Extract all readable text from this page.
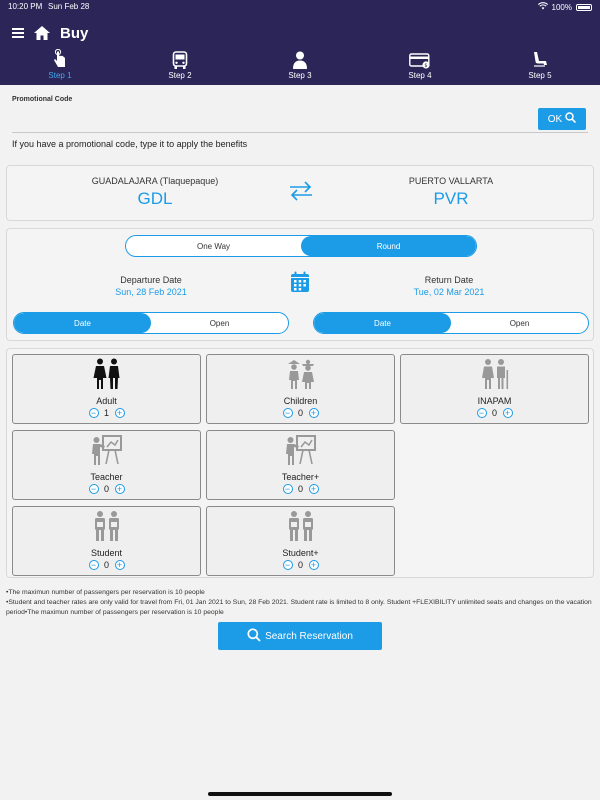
10:20 PM Sun Feb 28	100%
Buy
Step 1	Step 2	Step 3
$
Step 4	Step 5
Promotional Code
OK
If you have a promotional code, type it to apply the benefits
GUADALAJARA (Tlaquepaque)
GDL
PUERTO VALLARTA
PVR
One Way	Round
Departure Date
Sun, 28 Feb 2021
Return Date
Tue, 02 Mar 2021
Date	Open	Date	Open
Adult
− 1 +
Children
− 0 +
INAPAM
− 0 +
Teacher
− 0 +
Teacher+
− 0 +
Student
− 0 +
Student+
− 0 +
•The maximun number of passengers per reservation is 10 people
•Student and teacher rates are only valid for travel from Fri, 01 Jan 2021 to Sun, 28 Feb 2021. Student rate is limited to 8 only. Student +FLEXIBILITY unlimited seats and changes on the vacation period•The maximun number of passengers per reservation is 10 people
Search Reservation
